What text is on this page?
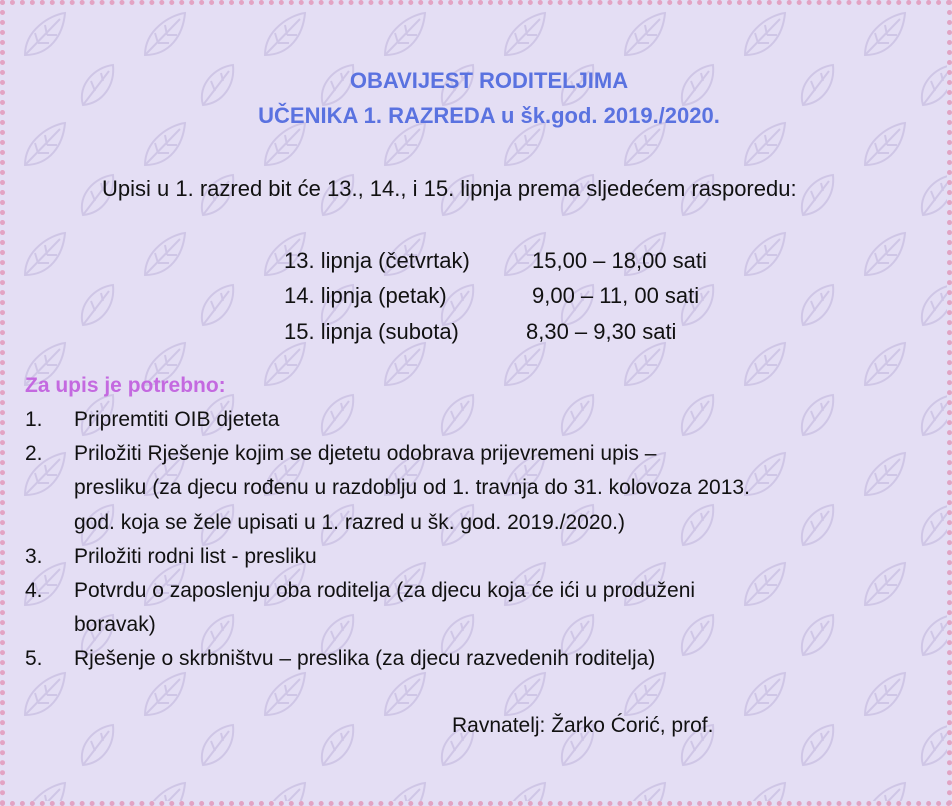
OBAVIJEST RODITELJIMA
UČENIKA 1. RAZREDA u šk.god. 2019./2020.
Upisi u 1. razred bit će 13., 14., i 15. lipnja prema sljedećem rasporedu:
13. lipnja (četvrtak)	15,00 – 18,00 sati
14. lipnja (petak)	9,00 – 11, 00 sati
15. lipnja (subota)	8,30 – 9,30 sati
Za upis je potrebno:
1. Pripremtiti OIB djeteta
2. Priložiti Rješenje kojim se djetetu odobrava prijevremeni upis –
presliku (za djecu rođenu u razdoblju od 1. travnja do 31. kolovoza 2013.
god. koja se žele upisati u 1. razred u šk. god. 2019./2020.)
3. Priložiti rodni list - presliku
4. Potvrdu o zaposlenju oba roditelja (za djecu koja će ići u produženi
boravak)
5. Rješenje o skrbništvu – preslika (za djecu razvedenih roditelja)
Ravnatelj: Žarko Ćorić, prof.
